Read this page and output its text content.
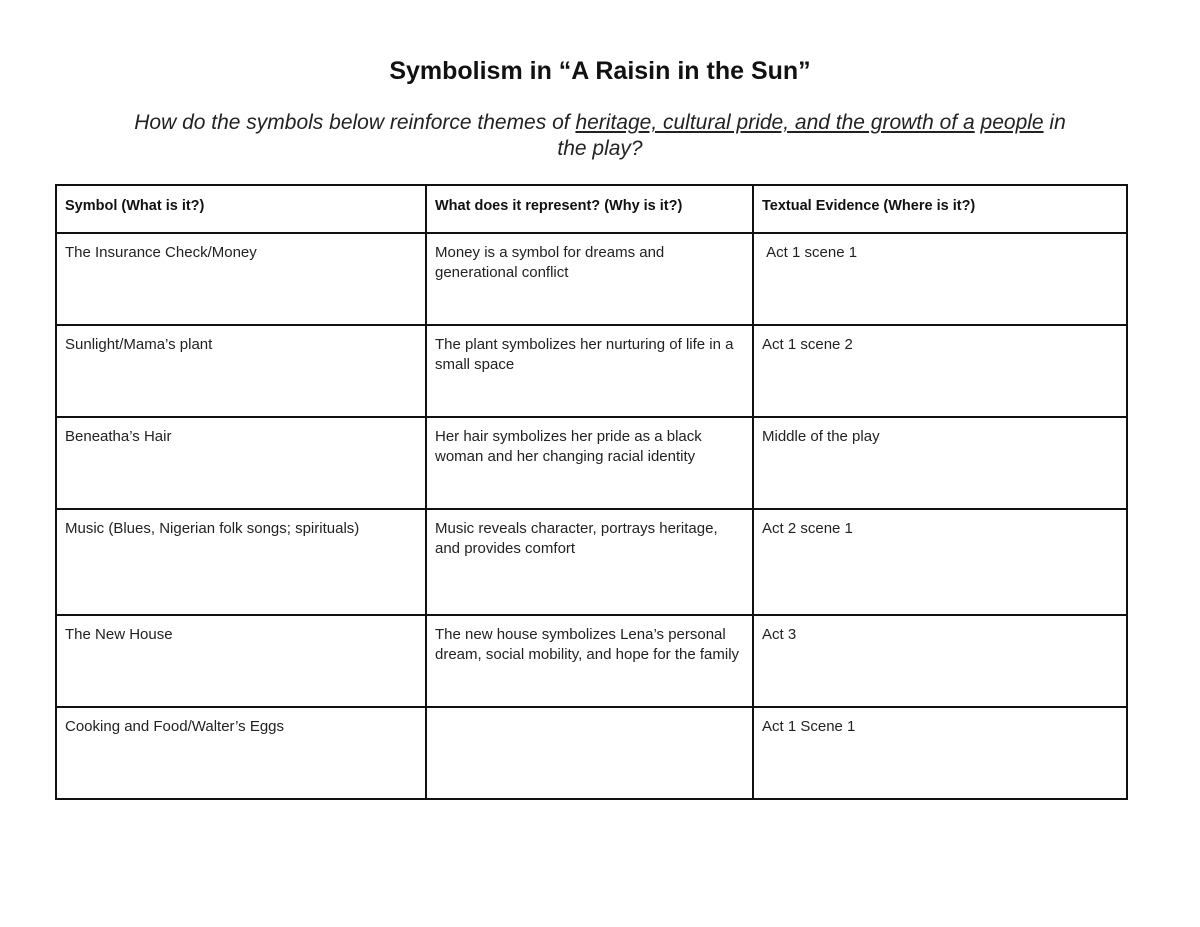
Symbolism in “A Raisin in the Sun”
How do the symbols below reinforce themes of heritage, cultural pride, and the growth of a people in the play?
Symbol (What is it?)	What does it represent? (Why is it?)	Textual Evidence (Where is it?)
The Insurance Check/Money	Money is a symbol for dreams and generational conflict	Act 1 scene 1
Sunlight/Mama’s plant	The plant symbolizes her nurturing of life in a small space	Act 1 scene 2
Beneatha’s Hair	Her hair symbolizes her pride as a black woman and her changing racial identity	Middle of the play
Music (Blues, Nigerian folk songs; spirituals)	Music reveals character, portrays heritage, and provides comfort	Act 2 scene 1
The New House	The new house symbolizes Lena’s personal dream, social mobility, and hope for the family	Act 3
Cooking and Food/Walter’s Eggs		Act 1 Scene 1
